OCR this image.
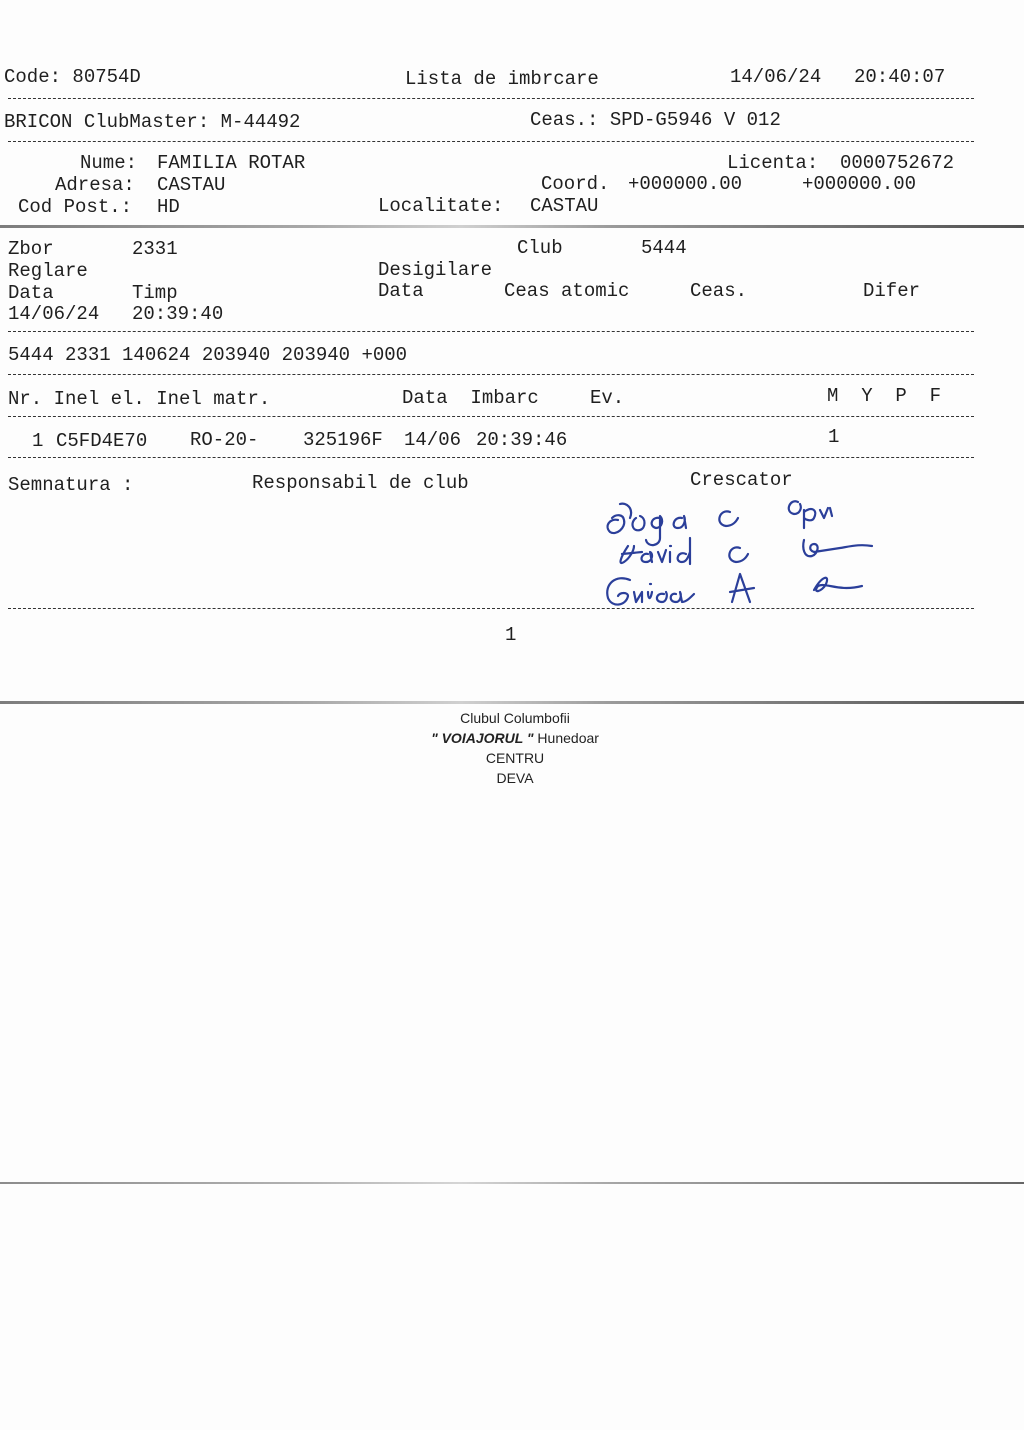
Code: 80754D	Lista de imbrcare	14/06/24 20:40:07
BRICON ClubMaster: M-44492	Ceas.: SPD-G5946 V 012
Nume: FAMILIA ROTAR	Licenta: 0000752672
Adresa: CASTAU	Coord. +000000.00	+000000.00
Cod Post.: HD	Localitate: CASTAU
Zbor	2331	Club	5444
Reglare	Desigilare
Data	Timp	Data	Ceas atomic	Ceas.	Difer
14/06/24 20:39:40
5444 2331 140624 203940 203940 +000
Nr. Inel el. Inel matr.	Data  Imbarc	Ev.	M  Y  P  F
1 C5FD4E70 RO-20- 325196F 14/06 20:39:46	1
Semnatura :	Responsabil de club	Crescator
1
Clubul Columbofii
" VOIAJORUL " Hunedoar
CENTRU
DEVA
